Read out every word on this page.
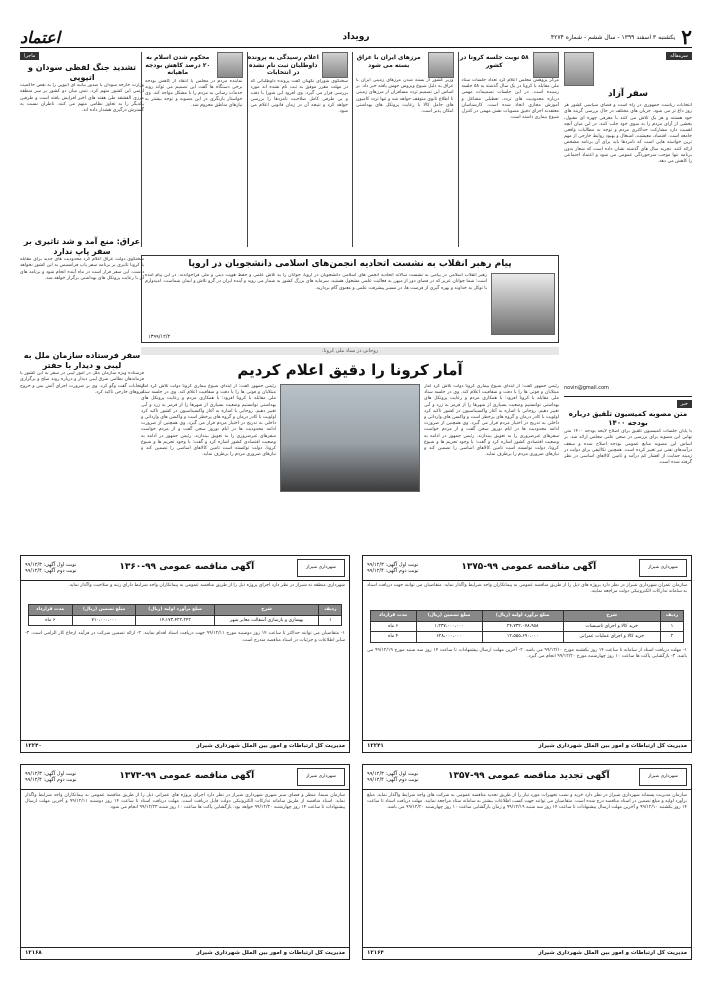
۲
یکشنبه ۳ اسفند ۱۳۹۹ - سال ششم - شماره ۴۲۷۴
رویداد
اعتماد
سرمقاله
سفر آزاد
انتخابات ریاست جمهوری در راه است و فضای سیاسی کشور هر روز داغ تر می شود. جریان های مختلف در حال بررسی گزینه های خود هستند و هر یک تلاش می کنند با معرفی چهره ای مقبول، بخشی از آرای مردم را به سوی خود جلب کنند. در این میان آنچه اهمیت دارد مشارکت حداکثری مردم و توجه به مطالبات واقعی جامعه است. اقتصاد، معیشت، اشتغال و بهبود روابط خارجی از مهم ترین خواسته هایی است که نامزدها باید برای آن برنامه مشخص ارائه کنند. تجربه سال های گذشته نشان داده است که شعار بدون برنامه تنها موجب سرخوردگی عمومی می شود و اعتماد اجتماعی را کاهش می دهد.
novin@gmail.com
خبر
متن مصوبه کمیسیون تلفیق درباره بودجه ۱۴۰۰
با پایان جلسات کمیسیون تلفیق برای اصلاح لایحه بودجه ۱۴۰۰ متن نهایی این مصوبه برای بررسی در صحن علنی مجلس ارائه شد. بر اساس این مصوبه منابع عمومی بودجه اصلاح شده و سقف درآمدهای نفتی نیز تغییر کرده است. همچنین تکالیفی برای دولت در زمینه حمایت از اقشار کم درآمد و تامین کالاهای اساسی در نظر گرفته شده است.
۵۸ نوبت جلسه کرونا در کشور
مرکز پژوهش مجلس اعلام کرد تعداد جلسات ستاد ملی مقابله با کرونا در یک سال گذشته به ۵۸ جلسه رسیده است. در این جلسات تصمیمات مهمی درباره محدودیت های تردد، تعطیلی مشاغل و آموزش مجازی اتخاذ شده است. کارشناسان معتقدند اجرای دقیق مصوبات نقش مهمی در کنترل شیوع بیماری داشته است.
مرزهای ایران با عراق بسته می شود
وزیر کشور از بسته شدن مرزهای زمینی ایران با عراق به دلیل شیوع ویروس جهش یافته خبر داد. بر اساس این تصمیم تردد مسافران از مرزهای زمینی تا اطلاع ثانوی متوقف خواهد شد و تنها تردد کامیون های حامل کالا با رعایت پروتکل های بهداشتی امکان پذیر است.
اعلام رسیدگی به پرونده داوطلبان ثبت نام نشده در انتخابات
سخنگوی شورای نگهبان گفت پرونده داوطلبانی که در مهلت مقرر موفق به ثبت نام نشده اند مورد بررسی قرار می گیرد. وی افزود این شورا با دقت و بی طرفی کامل صلاحیت نامزدها را بررسی خواهد کرد و نتیجه آن در زمان قانونی اعلام می شود.
محکوم شدن اسلام به ۲۰ درصد کاهش بودجه ماهیانه
نماینده مردم در مجلس با انتقاد از کاهش بودجه برخی دستگاه ها گفت این تصمیم می تواند روند خدمات رسانی به مردم را با مشکل مواجه کند. وی خواستار بازنگری در این مصوبه و توجه بیشتر به نیازهای مناطق محروم شد.
ماجرا
تشدید جنگ لفظی سودان و اتیوپی
وزارت خارجه سودان با صدور بیانیه ای اتیوپی را به نقض حاکمیت ارضی این کشور متهم کرد. تنش میان دو کشور بر سر منطقه مرزی الفشقه طی هفته های اخیر افزایش یافته است و طرفین یکدیگر را به تجاوز نظامی متهم می کنند. ناظران نسبت به گسترش درگیری هشدار داده اند.
عراق: منع آمد و شد تاثیری بر سفر پاپ ندارد
سخنگوی دولت عراق اعلام کرد محدودیت های جدید برای مقابله با کرونا تاثیری بر برنامه سفر پاپ فرانسیس به این کشور نخواهد داشت. این سفر قرار است در ماه آینده انجام شود و برنامه های آن با رعایت پروتکل های بهداشتی برگزار خواهد شد.
سفر فرستاده سازمان ملل به لیبی و دیدار با حفتر
فرستاده ویژه سازمان ملل در امور لیبی در سفر به این کشور با فرماندهان نظامی شرق لیبی دیدار و درباره روند صلح و برگزاری انتخابات گفت وگو کرد. وی بر ضرورت اجرای آتش بس و خروج نیروهای خارجی تاکید کرد.
پیام رهبر انقلاب به نشست اتحادیه انجمن‌های اسلامی دانشجویان در اروپا
رهبر انقلاب اسلامی در پیامی به نشست سالانه اتحادیه انجمن های اسلامی دانشجویان در اروپا، جوانان را به تلاش علمی و حفظ هویت دینی و ملی فراخواندند. در این پیام آمده است: شما جوانان عزیز که در فضای دور از میهن به فعالیت علمی مشغول هستید، سرمایه های بزرگ کشور به شمار می روید و آینده ایران در گرو تلاش و ایمان شماست. امیدوارم با توکل به خداوند و بهره گیری از فرصت ها، در مسیر پیشرفت علمی و معنوی گام بردارید.
۱۳۹۹/۱۲/۲
روحانی در ستاد ملی کرونا:
آمار کرونا را دقیق اعلام کردیم
رئیس جمهور گفت: از ابتدای شیوع بیماری کرونا دولت تلاش کرد آمار مبتلایان و فوتی ها را با دقت و شفافیت اعلام کند. وی در جلسه ستاد ملی مقابله با کرونا افزود: با همکاری مردم و رعایت پروتکل های بهداشتی توانستیم وضعیت بسیاری از شهرها را از قرمز به زرد و آبی تغییر دهیم. روحانی با اشاره به آغاز واکسیناسیون در کشور تاکید کرد اولویت با کادر درمان و گروه های پرخطر است و واکسن های وارداتی و داخلی به تدریج در اختیار مردم قرار می گیرد. وی همچنین از ضرورت ادامه محدودیت ها در ایام نوروز سخن گفت و از مردم خواست سفرهای غیرضروری را به تعویق بیندازند. رئیس جمهور در ادامه به وضعیت اقتصادی کشور اشاره کرد و گفت: با وجود تحریم ها و شیوع کرونا، دولت توانسته است تامین کالاهای اساسی را تضمین کند و نیازهای ضروری مردم را برطرف نماید.
رئیس جمهور گفت: از ابتدای شیوع بیماری کرونا دولت تلاش کرد آمار مبتلایان و فوتی ها را با دقت و شفافیت اعلام کند. وی در جلسه ستاد ملی مقابله با کرونا افزود: با همکاری مردم و رعایت پروتکل های بهداشتی توانستیم وضعیت بسیاری از شهرها را از قرمز به زرد و آبی تغییر دهیم. روحانی با اشاره به آغاز واکسیناسیون در کشور تاکید کرد اولویت با کادر درمان و گروه های پرخطر است و واکسن های وارداتی و داخلی به تدریج در اختیار مردم قرار می گیرد. وی همچنین از ضرورت ادامه محدودیت ها در ایام نوروز سخن گفت و از مردم خواست سفرهای غیرضروری را به تعویق بیندازند. رئیس جمهور در ادامه به وضعیت اقتصادی کشور اشاره کرد و گفت: با وجود تحریم ها و شیوع کرونا، دولت توانسته است تامین کالاهای اساسی را تضمین کند و نیازهای ضروری مردم را برطرف نماید.
شهرداری شیراز
آگهی مناقصه عمومی ۹۹-۱۳۷۵
نوبت اول آگهی: ۹۹/۱۲/۳
نوبت دوم آگهی: ۹۹/۱۲/۴
سازمان عمران شهرداری شیراز در نظر دارد پروژه های ذیل را از طریق مناقصه عمومی به پیمانکاران واجد شرایط واگذار نماید. متقاضیان می توانند جهت دریافت اسناد به سامانه تدارکات الکترونیکی دولت مراجعه نمایند.
ردیف	شرح	مبلغ برآورد اولیه (ریال)	مبلغ تضمین (ریال)	مدت قرارداد
۱	خرید کالا و اجرای تاسیسات	۲۴،۷۳۲،۰۷۸،۹۵۸	۱،۲۳۷،۰۰۰،۰۰۰	۶ ماه
۲	خرید کالا و اجرای عملیات عمرانی	۱۲،۵۵۵،۶۹۰،۰۰۰	۶۲۸،۰۰۰،۰۰۰	۴ ماه
۱- مهلت دریافت اسناد از سامانه تا ساعت ۱۴ روز یکشنبه مورخ ۹۹/۱۲/۱۰ می باشد. ۲- آخرین مهلت ارسال پیشنهادات تا ساعت ۱۴ روز سه شنبه مورخ ۹۹/۱۲/۱۹ می باشد. ۳- بازگشایی پاکت ها ساعت ۱۰ روز چهارشنبه مورخ ۹۹/۱۲/۲۰ انجام می گیرد.
مدیریت کل ارتباطات و امور بین الملل شهرداری شیراز
۱۲۲۴۱
شهرداری شیراز
آگهی مناقصه عمومی ۹۹-۱۳۶۰
نوبت اول آگهی: ۹۹/۱۲/۳
نوبت دوم آگهی: ۹۹/۱۲/۴
شهرداری منطقه نه شیراز در نظر دارد اجرای پروژه ذیل را از طریق مناقصه عمومی به پیمانکاران واجد شرایط دارای رتبه و صلاحیت واگذار نماید.
ردیف	شرح	مبلغ برآورد اولیه (ریال)	مبلغ تضمین (ریال)	مدت قرارداد
۱	بهسازی و بازسازی آسفالت معابر شهر	۱۴،۱۷۳،۴۲۲،۲۴۲	۷۱۰،۰۰۰،۰۰۰	۶ ماه
۱- متقاضیان می توانند حداکثر تا ساعت ۱۴ روز دوشنبه مورخ ۹۹/۱۲/۱۱ جهت دریافت اسناد اقدام نمایند. ۲- ارائه تضمین شرکت در فرآیند ارجاع کار الزامی است. ۳- سایر اطلاعات و جزئیات در اسناد مناقصه مندرج است.
مدیریت کل ارتباطات و امور بین الملل شهرداری شیراز
۱۲۲۴۰
شهرداری شیراز
آگهی تجدید مناقصه عمومی ۹۹-۱۳۵۷
نوبت اول آگهی: ۹۹/۱۲/۳
نوبت دوم آگهی: ۹۹/۱۲/۴
سازمان مدیریت پسماند شهرداری شیراز در نظر دارد خرید و نصب تجهیزات مورد نیاز را از طریق تجدید مناقصه عمومی به شرکت های واجد شرایط واگذار نماید. مبلغ برآورد اولیه و مبلغ تضمین در اسناد مناقصه درج شده است. متقاضیان می توانند جهت کسب اطلاعات بیشتر به سامانه ستاد مراجعه نمایند. مهلت دریافت اسناد تا ساعت ۱۴ روز یکشنبه ۹۹/۱۲/۱۰ و آخرین مهلت ارسال پیشنهادات تا ساعت ۱۴ روز سه شنبه ۹۹/۱۲/۱۹ و زمان بازگشایی ساعت ۱۰ روز چهارشنبه ۹۹/۱۲/۲۰ می باشد.
مدیریت کل ارتباطات و امور بین الملل شهرداری شیراز
۱۲۱۶۴
شهرداری شیراز
آگهی مناقصه عمومی ۹۹-۱۳۷۳
نوبت اول آگهی: ۹۹/۱۲/۳
نوبت دوم آگهی: ۹۹/۱۲/۴
سازمان سیما، منظر و فضای سبز شهری شهرداری شیراز در نظر دارد اجرای پروژه های عمرانی ذیل را از طریق مناقصه عمومی به پیمانکاران واجد شرایط واگذار نماید. اسناد مناقصه از طریق سامانه تدارکات الکترونیکی دولت قابل دریافت است. مهلت دریافت اسناد تا ساعت ۱۴ روز دوشنبه ۹۹/۱۲/۱۱ و آخرین مهلت ارسال پیشنهادات تا ساعت ۱۴ روز چهارشنبه ۹۹/۱۲/۲۰ خواهد بود. بازگشایی پاکت ها ساعت ۱۰ روز شنبه ۹۹/۱۲/۲۳ انجام می شود.
مدیریت کل ارتباطات و امور بین الملل شهرداری شیراز
۱۲۱۶۸
